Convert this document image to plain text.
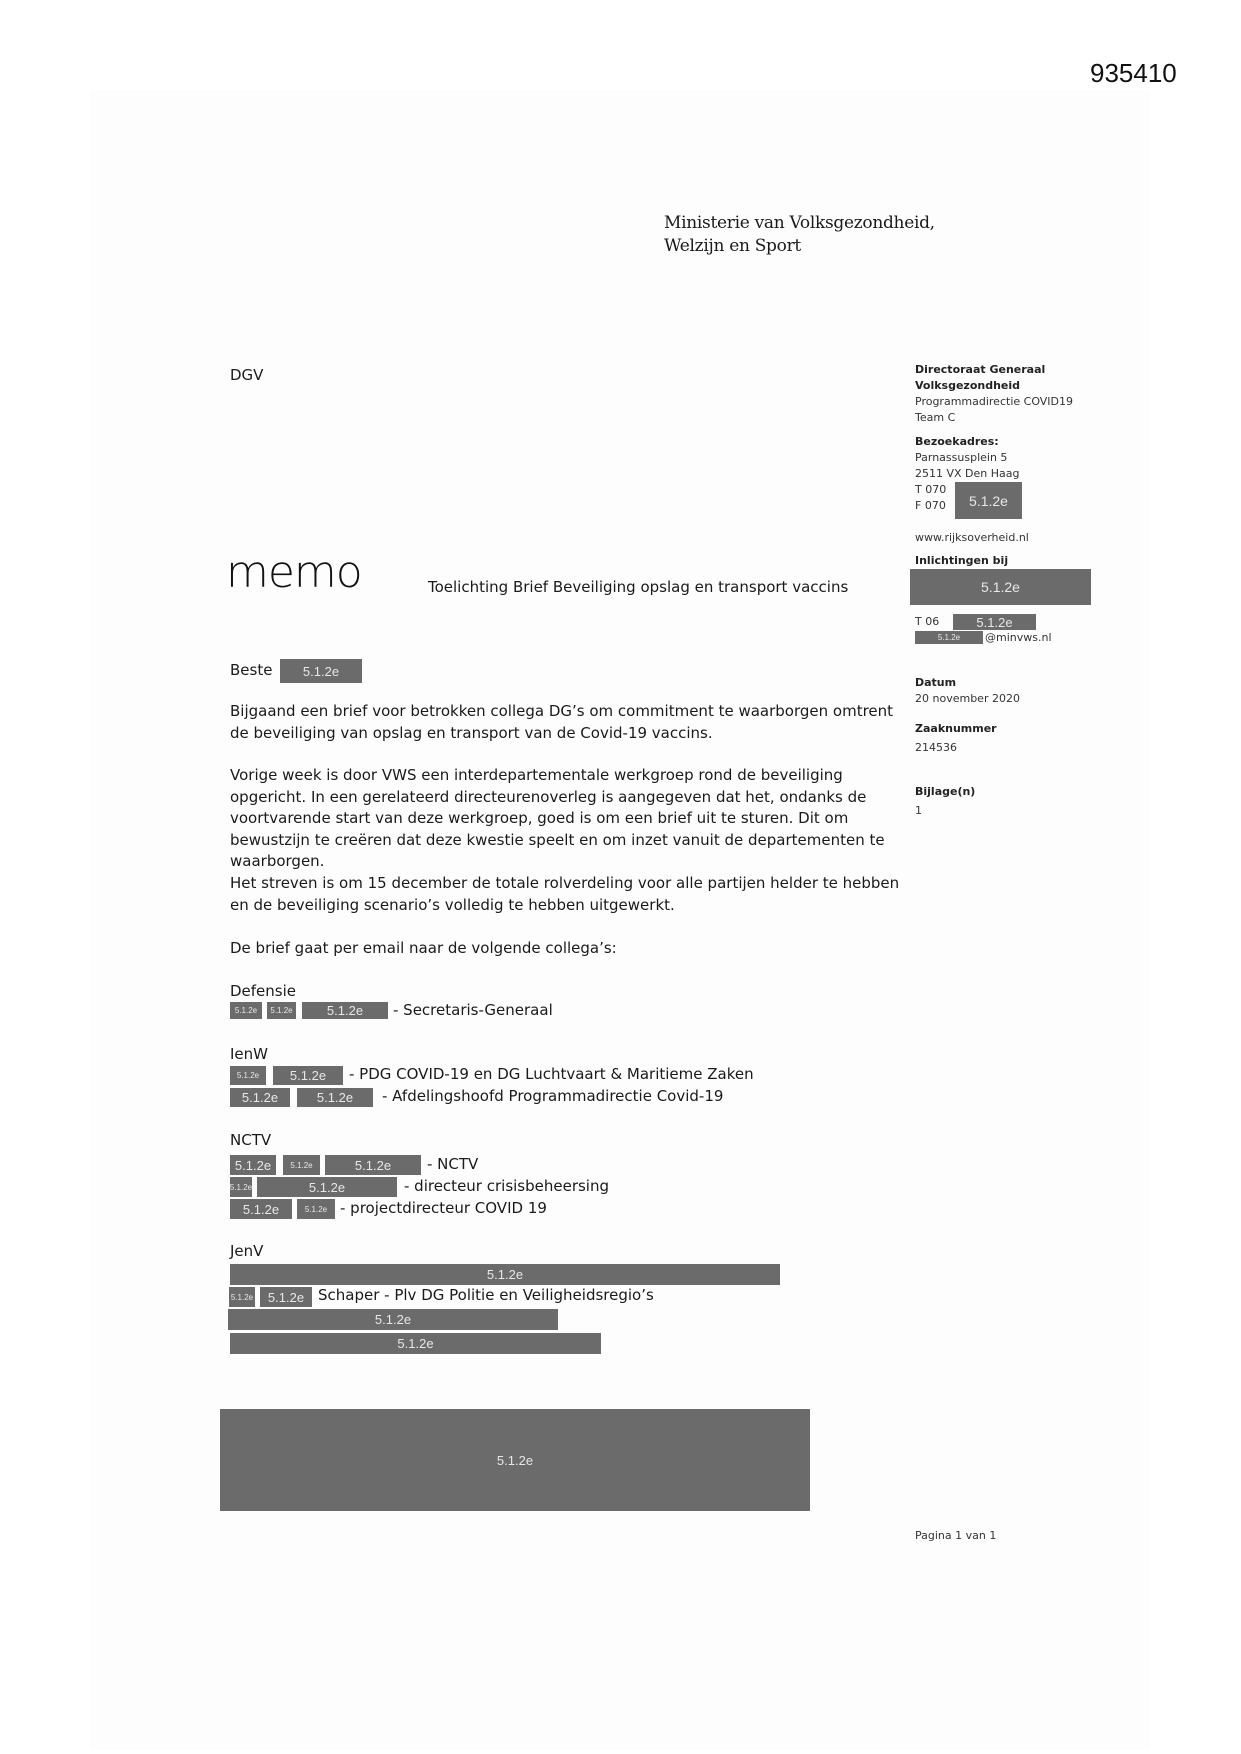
935410
Ministerie van Volksgezondheid,
Welzijn en Sport
DGV
memo	Toelichting Brief Beveiliging opslag en transport vaccins
Directoraat Generaal
Volksgezondheid
Programmadirectie COVID19
Team C
Bezoekadres:
Parnassusplein 5
2511 VX Den Haag
T 070
F 070	5.1.2e
www.rijksoverheid.nl
Inlichtingen bij
5.1.2e
T 06	5.1.2e
5.1.2e	@minvws.nl
Datum
20 november 2020
Zaaknummer
214536
Bijlage(n)
1
Beste	5.1.2e
Bijgaand een brief voor betrokken collega DG’s om commitment te waarborgen omtrent de beveiliging van opslag en transport van de Covid-19 vaccins.
Vorige week is door VWS een interdepartementale werkgroep rond de beveiliging opgericht. In een gerelateerd directeurenoverleg is aangegeven dat het, ondanks de voortvarende start van deze werkgroep, goed is om een brief uit te sturen. Dit om bewustzijn te creëren dat deze kwestie speelt en om inzet vanuit de departementen te waarborgen.
Het streven is om 15 december de totale rolverdeling voor alle partijen helder te hebben en de beveiliging scenario’s volledig te hebben uitgewerkt.
De brief gaat per email naar de volgende collega’s:
Defensie
5.1.2e	5.1.2e	5.1.2e	- Secretaris-Generaal
IenW
5.1.2e	5.1.2e	- PDG COVID-19 en DG Luchtvaart & Maritieme Zaken
5.1.2e	5.1.2e	- Afdelingshoofd Programmadirectie Covid-19
NCTV
5.1.2e	5.1.2e	5.1.2e	- NCTV
5.1.2e	5.1.2e	- directeur crisisbeheersing
5.1.2e	5.1.2e - projectdirecteur COVID 19
JenV
5.1.2e
5.1.2e	5.1.2e Schaper - Plv DG Politie en Veiligheidsregio’s
5.1.2e
5.1.2e
5.1.2e
Pagina 1 van 1
